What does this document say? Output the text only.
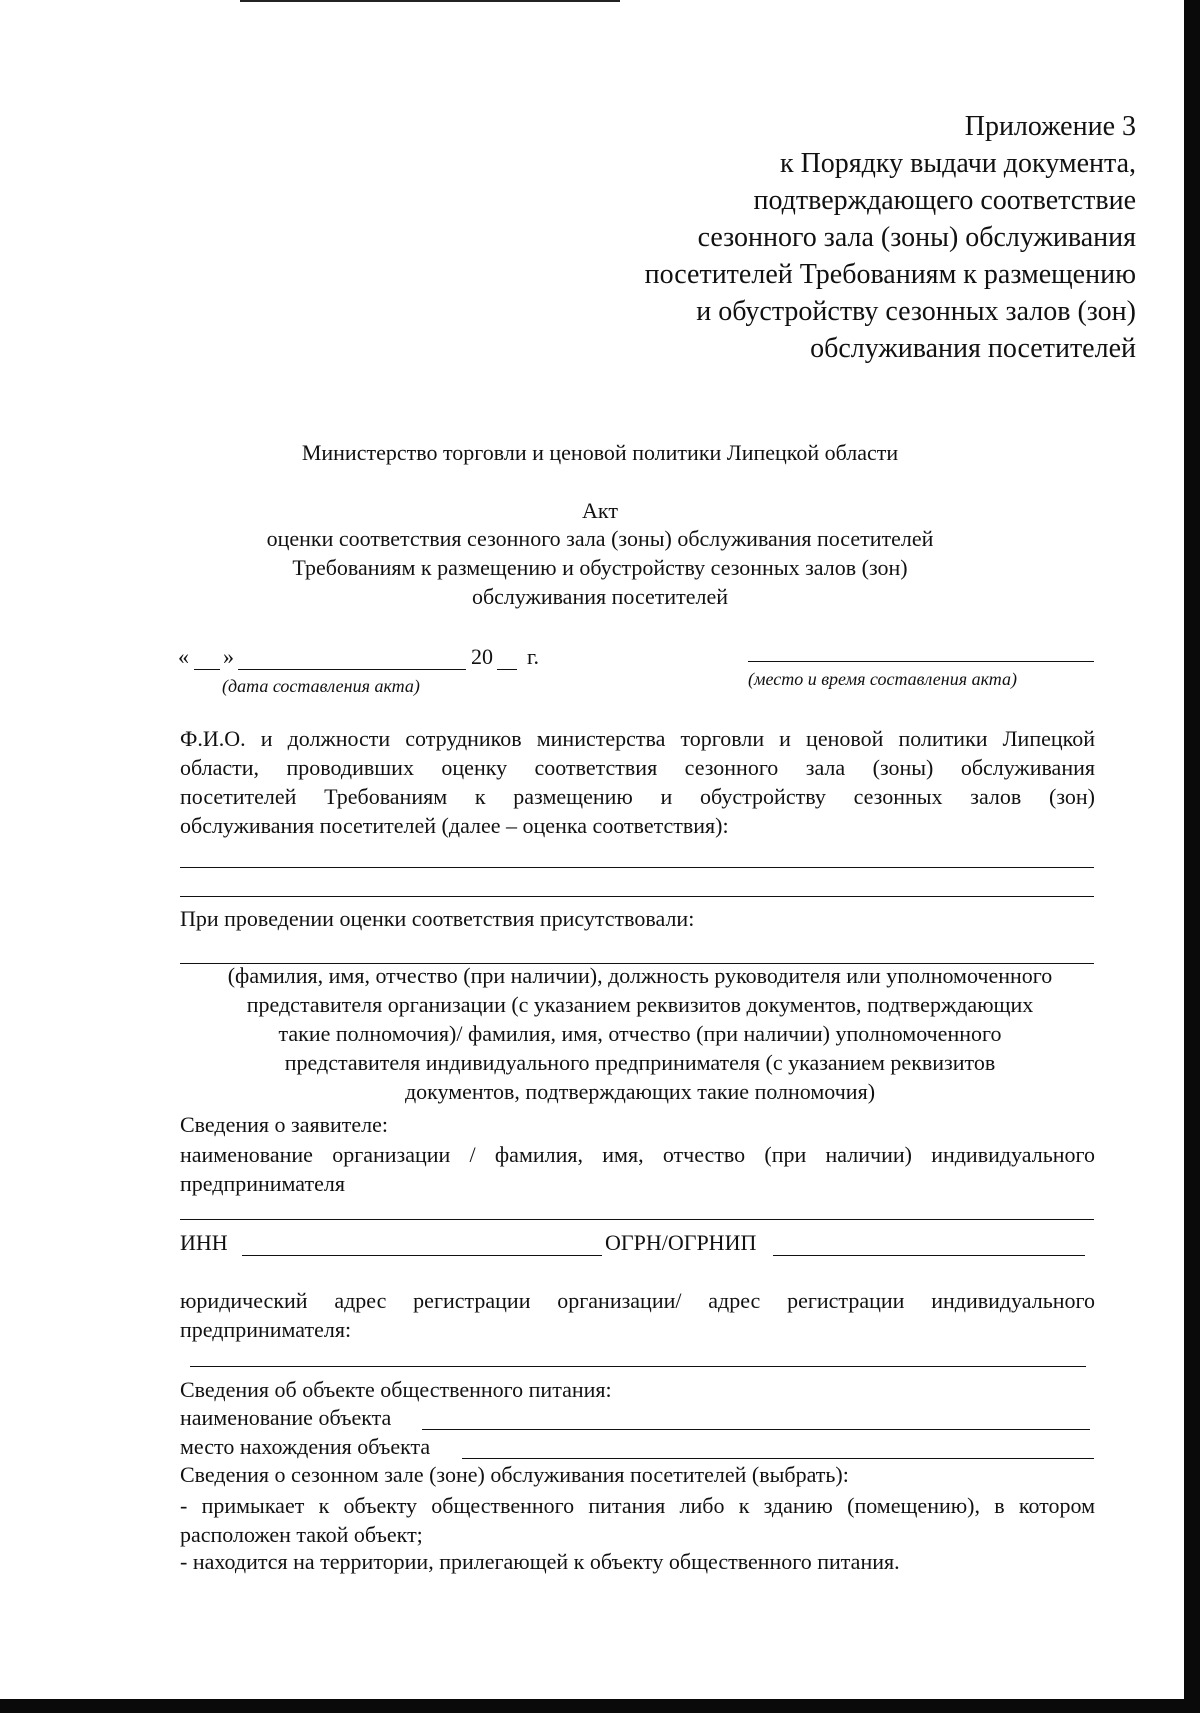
Приложение 3
к Порядку выдачи документа,
подтверждающего соответствие
сезонного зала (зоны) обслуживания
посетителей Требованиям к размещению
и обустройству сезонных залов (зон)
обслуживания посетителей
Министерство торговли и ценовой политики Липецкой области
Акт
оценки соответствия сезонного зала (зоны) обслуживания посетителей
Требованиям к размещению и обустройству сезонных залов (зон)
обслуживания посетителей
« »	20 г.
(дата составления акта)	(место и время составления акта)
Ф.И.О. и должности сотрудников министерства торговли и ценовой политики Липецкой
области, проводивших оценку соответствия сезонного зала (зоны) обслуживания
посетителей Требованиям к размещению и обустройству сезонных залов (зон)
обслуживания посетителей (далее – оценка соответствия):
При проведении оценки соответствия присутствовали:
(фамилия, имя, отчество (при наличии), должность руководителя или уполномоченного
представителя организации (с указанием реквизитов документов, подтверждающих
такие полномочия)/ фамилия, имя, отчество (при наличии) уполномоченного
представителя индивидуального предпринимателя (с указанием реквизитов
документов, подтверждающих такие полномочия)
Сведения о заявителе:
наименование организации / фамилия, имя, отчество (при наличии) индивидуального
предпринимателя
ИНН	ОГРН/ОГРНИП
юридический адрес регистрации организации/ адрес регистрации индивидуального
предпринимателя:
Сведения об объекте общественного питания:
наименование объекта
место нахождения объекта
Сведения о сезонном зале (зоне) обслуживания посетителей (выбрать):
- примыкает к объекту общественного питания либо к зданию (помещению), в котором
расположен такой объект;
- находится на территории, прилегающей к объекту общественного питания.
